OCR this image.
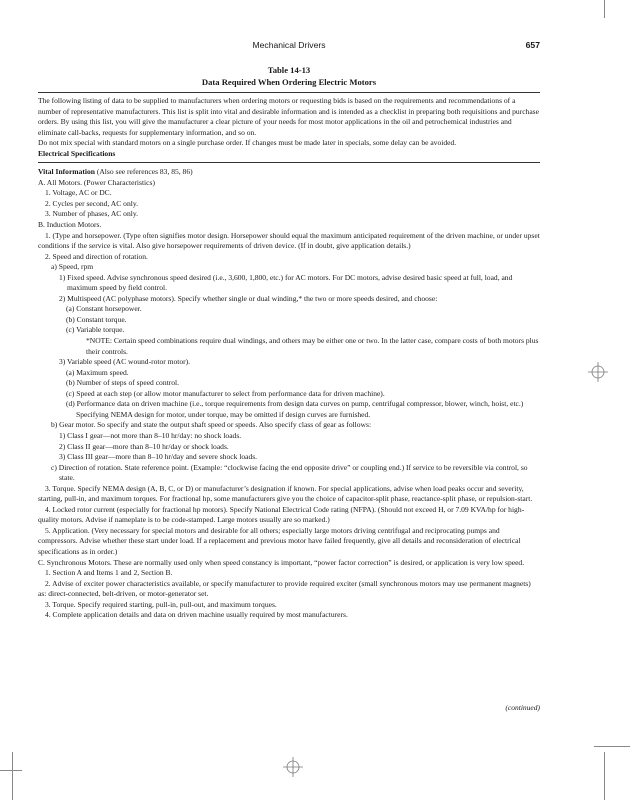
Mechanical Drivers	657
Table 14-13
Data Required When Ordering Electric Motors

The following listing of data to be supplied to manufacturers when ordering motors or requesting bids is based on the requirements and recommendations of a number of representative manufacturers. This list is split into vital and desirable information and is intended as a checklist in preparing both requisitions and purchase orders. By using this list, you will give the manufacturer a clear picture of your needs for most motor applications in the oil and petrochemical industries and eliminate call-backs, requests for supplementary information, and so on.

Do not mix special with standard motors on a single purchase order. If changes must be made later in specials, some delay can be avoided.

Electrical Specifications

Vital Information (Also see references 83, 85, 86)

A. All Motors. (Power Characteristics)

1. Voltage, AC or DC.

2. Cycles per second, AC only.

3. Number of phases, AC only.

B. Induction Motors.

1. (Type and horsepower. (Type often signifies motor design. Horsepower should equal the maximum anticipated requirement of the driven machine, or under upset conditions if the service is vital. Also give horsepower requirements of driven device. (If in doubt, give application details.)

2. Speed and direction of rotation.

a) Speed, rpm

1) Fixed speed. Advise synchronous speed desired (i.e., 3,600, 1,800, etc.) for AC motors. For DC motors, advise desired basic speed at full, load, and maximum speed by field control.

2) Multispeed (AC polyphase motors). Specify whether single or dual winding,* the two or more speeds desired, and choose:

(a) Constant horsepower.

(b) Constant torque.

(c) Variable torque.

*NOTE: Certain speed combinations require dual windings, and others may be either one or two. In the latter case, compare costs of both motors plus their controls.

3) Variable speed (AC wound-rotor motor).

(a) Maximum speed.

(b) Number of steps of speed control.

(c) Speed at each step (or allow motor manufacturer to select from performance data for driven machine).

(d) Performance data on driven machine (i.e., torque requirements from design data curves on pump, centrifugal compressor, blower, winch, hoist, etc.) Specifying NEMA design for motor, under torque, may be omitted if design curves are furnished.

b) Gear motor. So specify and state the output shaft speed or speeds. Also specify class of gear as follows:

1) Class I gear—not more than 8–10 hr/day: no shock loads.

2) Class II gear—more than 8–10 hr/day or shock loads.

3) Class III gear—more than 8–10 hr/day and severe shock loads.

c) Direction of rotation. State reference point. (Example: “clockwise facing the end opposite drive” or coupling end.) If service to be reversible via control, so state.

3. Torque. Specify NEMA design (A, B, C, or D) or manufacturer’s designation if known. For special applications, advise when load peaks occur and severity, starting, pull-in, and maximum torques. For fractional hp, some manufacturers give you the choice of capacitor-split phase, reactance-split phase, or repulsion-start.

4. Locked rotor current (especially for fractional hp motors). Specify National Electrical Code rating (NFPA). (Should not exceed H, or 7.09 KVA/hp for high-quality motors. Advise if nameplate is to be code-stamped. Large motors usually are so marked.)

5. Application. (Very necessary for special motors and desirable for all others; especially large motors driving centrifugal and reciprocating pumps and compressors. Advise whether these start under load. If a replacement and previous motor have failed frequently, give all details and reconsideration of electrical specifications as in order.)

C. Synchronous Motors. These are normally used only when speed constancy is important, “power factor correction” is desired, or application is very low speed.

1. Section A and Items 1 and 2, Section B.

2. Advise of exciter power characteristics available, or specify manufacturer to provide required exciter (small synchronous motors may use permanent magnets) as: direct-connected, belt-driven, or motor-generator set.

3. Torque. Specify required starting, pull-in, pull-out, and maximum torques.

4. Complete application details and data on driven machine usually required by most manufacturers.

(continued)
